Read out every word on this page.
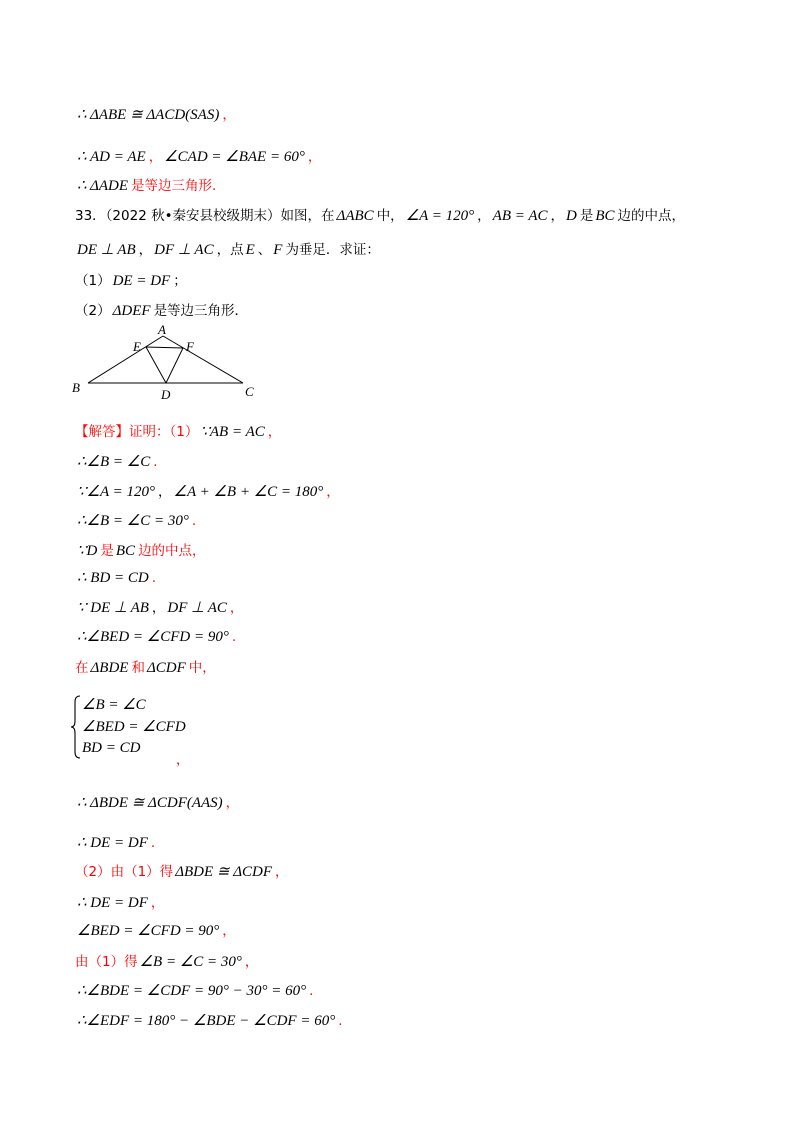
∴ ΔABE ≅ ΔACD(SAS) ，
∴ AD = AE ， ∠CAD = ∠BAE = 60° ，
∴ ΔADE 是等边三角形.
33．（2022 秋•秦安县校级期末）如图，在 ΔABC 中， ∠A = 120° ， AB = AC ， D 是 BC 边的中点，
DE ⊥ AB ， DF ⊥ AC ，点 E 、 F 为垂足．求证：
（1） DE = DF ；
（2） ΔDEF 是等边三角形．
A
E	F
B	D	C
【解答】证明：（1） ∵AB = AC ，
∴∠B = ∠C .
∵∠A = 120° ， ∠A + ∠B + ∠C = 180° ，
∴∠B = ∠C = 30° .
∵D 是 BC 边的中点，
∴ BD = CD .
∵ DE ⊥ AB ， DF ⊥ AC ，
∴∠BED = ∠CFD = 90° .
在 ΔBDE 和 ΔCDF 中，
∠B = ∠C
∠BED = ∠CFD
BD = CD
，
∴ ΔBDE ≅ ΔCDF(AAS) ，
∴ DE = DF .
（2）由（1）得 ΔBDE ≅ ΔCDF ，
∴ DE = DF ，
∠BED = ∠CFD = 90° ，
由（1）得 ∠B = ∠C = 30° ，
∴∠BDE = ∠CDF = 90° − 30° = 60° .
∴∠EDF = 180° − ∠BDE − ∠CDF = 60° .
